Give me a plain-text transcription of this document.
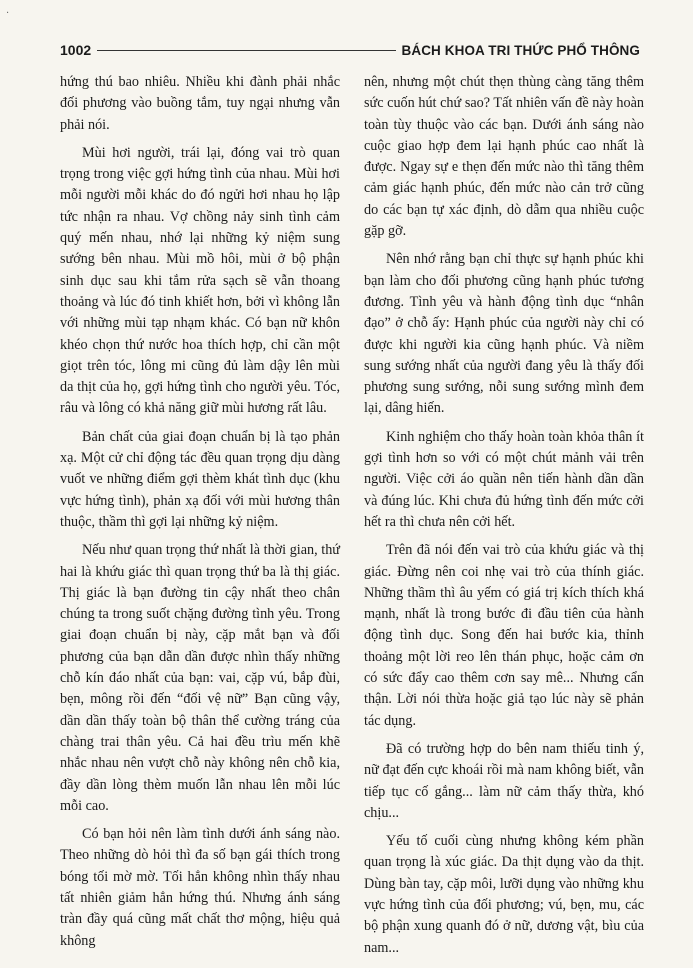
·
1002	BÁCH KHOA TRI THỨC PHỔ THÔNG

hứng thú bao nhiêu. Nhiều khi đành phải nhắc đối phương vào buồng tắm, tuy ngại nhưng vẫn phải nói.

Mùi hơi người, trái lại, đóng vai trò quan trọng trong việc gợi hứng tình của nhau. Mùi hơi mỗi người mỗi khác do đó ngửi hơi nhau họ lập tức nhận ra nhau. Vợ chồng nảy sinh tình cảm quý mến nhau, nhớ lại những kỷ niệm sung sướng bên nhau. Mùi mồ hôi, mùi ở bộ phận sinh dục sau khi tắm rửa sạch sẽ vẫn thoang thoảng và lúc đó tinh khiết hơn, bởi vì không lẫn với những mùi tạp nhạm khác. Có bạn nữ khôn khéo chọn thứ nước hoa thích hợp, chỉ cần một giọt trên tóc, lông mi cũng đủ làm dậy lên mùi da thịt của họ, gợi hứng tình cho người yêu. Tóc, râu và lông có khả năng giữ mùi hương rất lâu.

Bản chất của giai đoạn chuẩn bị là tạo phản xạ. Một cử chỉ động tác đều quan trọng dịu dàng vuốt ve những điểm gợi thèm khát tình dục (khu vực hứng tình), phản xạ đối với mùi hương thân thuộc, thầm thì gợi lại những kỷ niệm.

Nếu như quan trọng thứ nhất là thời gian, thứ hai là khứu giác thì quan trọng thứ ba là thị giác. Thị giác là bạn đường tin cậy nhất theo chân chúng ta trong suốt chặng đường tình yêu. Trong giai đoạn chuẩn bị này, cặp mắt bạn và đối phương của bạn dẫn dần được nhìn thấy những chỗ kín đáo nhất của bạn: vai, cặp vú, bắp đùi, bẹn, mông rồi đến “đối vệ nữ” Bạn cũng vậy, dần dần thấy toàn bộ thân thể cường tráng của chàng trai thân yêu. Cả hai đều trìu mến khẽ nhắc nhau nên vượt chỗ này không nên chỗ kia, đầy dần lòng thèm muốn lẫn nhau lên mỗi lúc mỗi cao.

Có bạn hỏi nên làm tình dưới ánh sáng nào. Theo những dò hỏi thì đa số bạn gái thích trong bóng tối mờ mờ. Tối hẳn không nhìn thấy nhau tất nhiên giảm hẳn hứng thú. Nhưng ánh sáng tràn đầy quá cũng mất chất thơ mộng, hiệu quả không

nên, nhưng một chút thẹn thùng càng tăng thêm sức cuốn hút chứ sao? Tất nhiên vấn đề này hoàn toàn tùy thuộc vào các bạn. Dưới ánh sáng nào cuộc giao hợp đem lại hạnh phúc cao nhất là được. Ngay sự e thẹn đến mức nào thì tăng thêm cảm giác hạnh phúc, đến mức nào cản trở cũng do các bạn tự xác định, dò dẫm qua nhiều cuộc gặp gỡ.

Nên nhớ rằng bạn chỉ thực sự hạnh phúc khi bạn làm cho đối phương cũng hạnh phúc tương đương. Tình yêu và hành động tình dục “nhân đạo” ở chỗ ấy: Hạnh phúc của người này chỉ có được khi người kia cũng hạnh phúc. Và niềm sung sướng nhất của người đang yêu là thấy đối phương sung sướng, nỗi sung sướng mình đem lại, dâng hiến.

Kinh nghiệm cho thấy hoàn toàn khỏa thân ít gợi tình hơn so với có một chút mảnh vải trên người. Việc cởi áo quần nên tiến hành dần dần và đúng lúc. Khi chưa đủ hứng tình đến mức cởi hết ra thì chưa nên cởi hết.

Trên đã nói đến vai trò của khứu giác và thị giác. Đừng nên coi nhẹ vai trò của thính giác. Những thầm thì âu yếm có giá trị kích thích khá mạnh, nhất là trong bước đi đầu tiên của hành động tình dục. Song đến hai bước kia, thỉnh thoảng một lời reo lên thán phục, hoặc cảm ơn có sức đẩy cao thêm cơn say mê... Nhưng cẩn thận. Lời nói thừa hoặc giả tạo lúc này sẽ phản tác dụng.

Đã có trường hợp do bên nam thiếu tinh ý, nữ đạt đến cực khoái rồi mà nam không biết, vẫn tiếp tục cố gắng... làm nữ cảm thấy thừa, khó chịu...

Yếu tố cuối cùng nhưng không kém phần quan trọng là xúc giác. Da thịt dụng vào da thịt. Dùng bàn tay, cặp môi, lưỡi dụng vào những khu vực hứng tình của đối phương; vú, bẹn, mu, các bộ phận xung quanh đó ở nữ, dương vật, bìu của nam...
